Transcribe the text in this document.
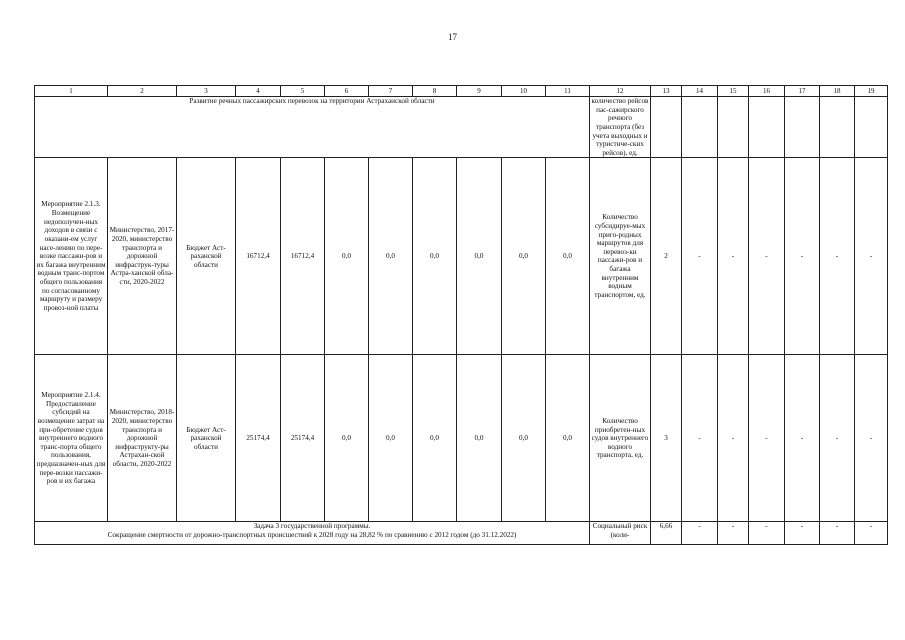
17
1	2	3	4	5	6	7	8	9	10	11	12	13	14	15	16	17	18	19
Развитие речных пассажирских перевозок на территории Астраханской области											количество рейсов пас-сажирского речного транспорта (без учета выходных и туристиче-ских рейсов), ед.							
Мероприятие 2.1.3. Возмещение недополучен-ных доходов в связи с оказани-ем услуг насе-лению по пере-возке пассажи-ров и их багажа внутренним водным транс-портом общего пользования по согласованному маршруту и размеру провоз-ной платы	Министерство, 2017-2020, министерство транспорта и дорожной инфраструк-туры Астра-ханской обла-сти, 2020-2022	Бюджет Аст-раханской области	16712,4	16712,4	0,0	0,0	0,0	0,0	0,0	0,0	Количество субсидируе-мых приго-родных маршрутов для перевоз-ки пассажи-ров и багажа внутренним водным транспортом, ед.	2	-	-	-	-	-	-
Мероприятие 2.1.4. Предоставление субсидий на возмещение затрат на при-обретение судов внутреннего водного транс-порта общего пользования, предназначен-ных для пере-возки пассажи-ров и их багажа	Министерство, 2018-2020, министерство транспорта и дорожной инфраструкту-ры Астрахан-ской области, 2020-2022	Бюджет Аст-раханской области	25174,4	25174,4	0,0	0,0	0,0	0,0	0,0	0,0	Количество приобретен-ных судов внутреннего водного транспорта, ед.	3	-	-	-	-	-	-

Задача 3 государственной программы.
Сокращение смертности от дорожно-транспортных происшествий к 2028 году на 28,82 % по сравнению с 2012 годом (до 31.12.2022)											Социальный риск (коли-	6,66	-	-	-	-	-	-
